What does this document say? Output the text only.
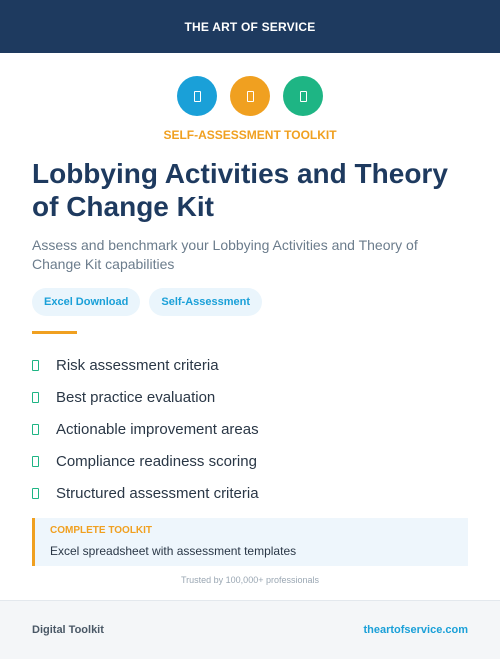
THE ART OF SERVICE
SELF-ASSESSMENT TOOLKIT
Lobbying Activities and Theory of Change Kit

Assess and benchmark your Lobbying Activities and Theory of Change Kit capabilities

Excel Download	Self-Assessment
Risk assessment criteria
Best practice evaluation
Actionable improvement areas
Compliance readiness scoring
Structured assessment criteria
COMPLETE TOOLKIT
Excel spreadsheet with assessment templates
Trusted by 100,000+ professionals
Digital Toolkit	theartofservice.com
